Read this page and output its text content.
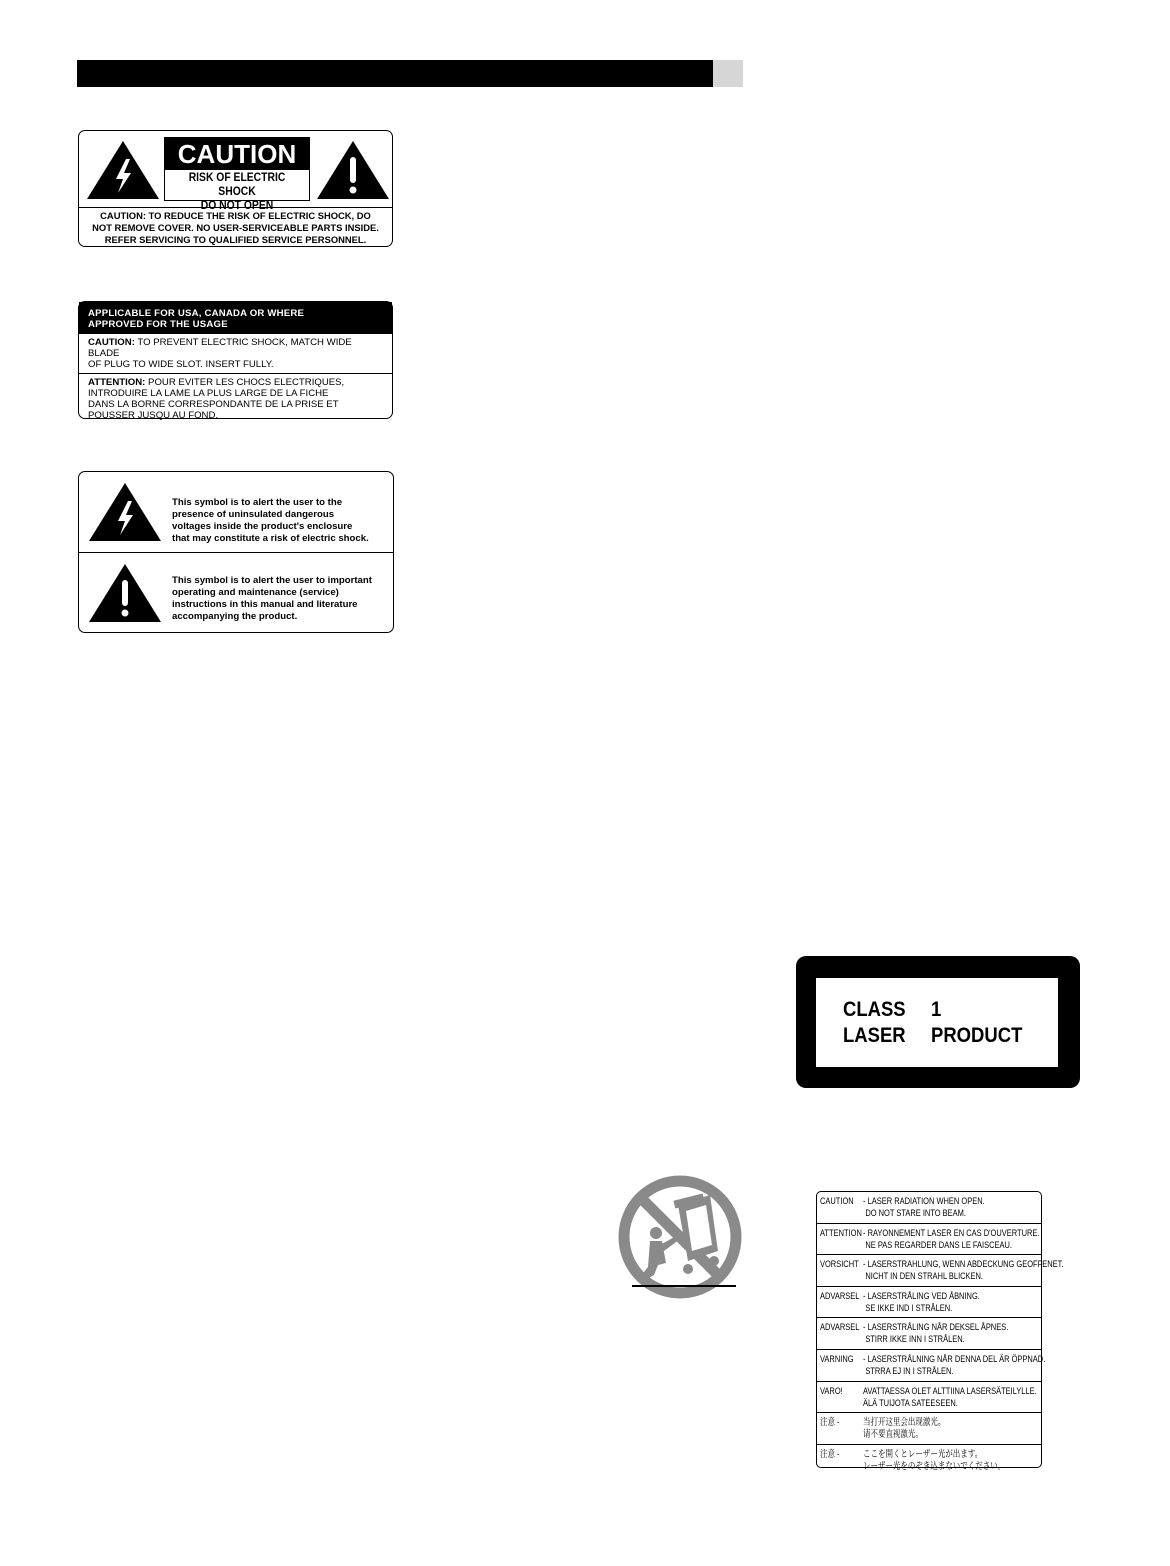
CAUTION
RISK OF ELECTRIC SHOCK
DO NOT OPEN
CAUTION: TO REDUCE THE RISK OF ELECTRIC SHOCK, DO
NOT REMOVE COVER. NO USER-SERVICEABLE PARTS INSIDE.
REFER SERVICING TO QUALIFIED SERVICE PERSONNEL.
APPLICABLE FOR USA, CANADA OR WHERE
APPROVED FOR THE USAGE
CAUTION: TO PREVENT ELECTRIC SHOCK, MATCH WIDE BLADE
OF PLUG TO WIDE SLOT. INSERT FULLY.
ATTENTION: POUR EVITER LES CHOCS ELECTRIQUES,
INTRODUIRE LA LAME LA PLUS LARGE DE LA FICHE
DANS LA BORNE CORRESPONDANTE DE LA PRISE ET
POUSSER JUSQU AU FOND.
This symbol is to alert the user to the
presence of uninsulated dangerous
voltages inside the product's enclosure
that may constitute a risk of electric shock.
This symbol is to alert the user to important
operating and maintenance (service)
instructions in this manual and literature
accompanying the product.
CLASS 1
LASER PRODUCT
CAUTION - LASER RADIATION WHEN OPEN.
DO NOT STARE INTO BEAM.
ATTENTION - RAYONNEMENT LASER EN CAS D'OUVERTURE.
NE PAS REGARDER DANS LE FAISCEAU.
VORSICHT - LASERSTRAHLUNG, WENN ABDECKUNG GEOFFENET.
NICHT IN DEN STRAHL BLICKEN.
ADVARSEL - LASERSTRÅLING VED ÅBNING.
SE IKKE IND I STRÅLEN.
ADVARSEL - LASERSTRÅLING NÅR DEKSEL ÅPNES.
STIRR IKKE INN I STRÅLEN.
VARNING - LASERSTRÅLNING NÅR DENNA DEL ÄR ÖPPNAD.
STRRA EJ IN I STRÅLEN.
VARO! AVATTAESSA OLET ALTTIINA LASERSÄTEILYLLE.
ÄLÄ TUIJOTA SATEESEEN.
注意 - 当打开这里会出现激光。
请不要直视激光。
注意 - ここを開くとレーザー光が出ます。
レーザー光をのぞき込まないでください。
